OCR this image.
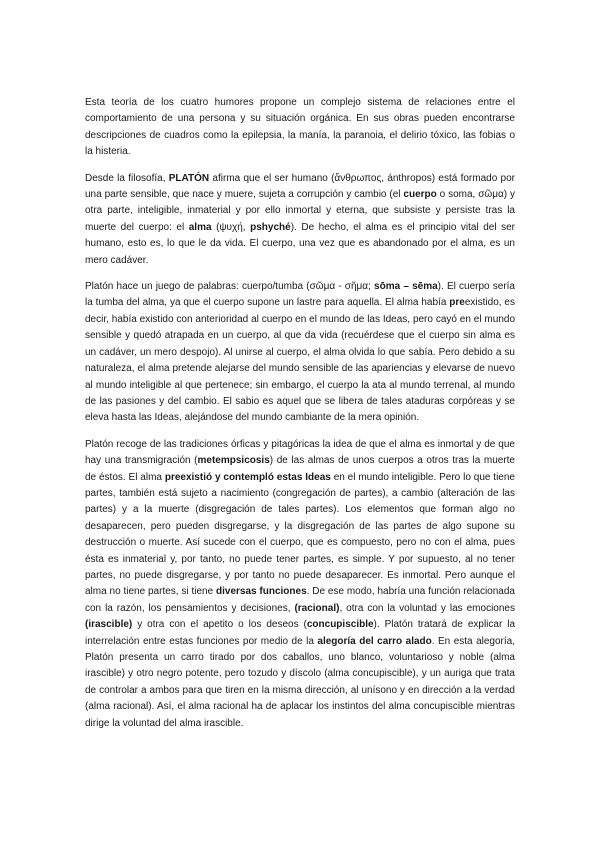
Esta teoría de los cuatro humores propone un complejo sistema de relaciones entre el comportamiento de una persona y su situación orgánica. En sus obras pueden encontrarse descripciones de cuadros como la epilepsia, la manía, la paranoia, el delirio tóxico, las fobias o la histeria.

Desde la filosofía, PLATÓN afirma que el ser humano (ἄνθρωπος, ánthropos) está formado por una parte sensible, que nace y muere, sujeta a corrupción y cambio (el cuerpo o soma, σῶμα) y otra parte, inteligible, inmaterial y por ello inmortal y eterna, que subsiste y persiste tras la muerte del cuerpo: el alma (ψυχή, pshyché). De hecho, el alma es el principio vital del ser humano, esto es, lo que le da vida. El cuerpo, una vez que es abandonado por el alma, es un mero cadáver.

Platón hace un juego de palabras: cuerpo/tumba (σῶμα - σῆμα; sōma – sēma). El cuerpo sería la tumba del alma, ya que el cuerpo supone un lastre para aquella. El alma había preexistido, es decir, había existido con anterioridad al cuerpo en el mundo de las Ideas, pero cayó en el mundo sensible y quedó atrapada en un cuerpo, al que da vida (recuérdese que el cuerpo sin alma es un cadáver, un mero despojo). Al unirse al cuerpo, el alma olvida lo que sabía. Pero debido a su naturaleza, el alma pretende alejarse del mundo sensible de las apariencias y elevarse de nuevo al mundo inteligible al que pertenece; sin embargo, el cuerpo la ata al mundo terrenal, al mundo de las pasiones y del cambio. El sabio es aquel que se libera de tales ataduras corpóreas y se eleva hasta las Ideas, alejándose del mundo cambiante de la mera opinión.

Platón recoge de las tradiciones órficas y pitagóricas la idea de que el alma es inmortal y de que hay una transmigración (metempsicosis) de las almas de unos cuerpos a otros tras la muerte de éstos. El alma preexistió y contempló estas Ideas en el mundo inteligible. Pero lo que tiene partes, también está sujeto a nacimiento (congregación de partes), a cambio (alteración de las partes) y a la muerte (disgregación de tales partes). Los elementos que forman algo no desaparecen, pero pueden disgregarse, y la disgregación de las partes de algo supone su destrucción o muerte. Así sucede con el cuerpo, que es compuesto, pero no con el alma, pues ésta es inmaterial y, por tanto, no puede tener partes, es simple. Y por supuesto, al no tener partes, no puede disgregarse, y por tanto no puede desaparecer. Es inmortal. Pero aunque el alma no tiene partes, si tiene diversas funciones. De ese modo, habría una función relacionada con la razón, los pensamientos y decisiones, (racional), otra con la voluntad y las emociones (irascible) y otra con el apetito o los deseos (concupiscible). Platón tratará de explicar la interrelación entre estas funciones por medio de la alegoría del carro alado. En esta alegoría, Platón presenta un carro tirado por dos caballos, uno blanco, voluntarioso y noble (alma irascible) y otro negro potente, pero tozudo y díscolo (alma concupiscible), y un auriga que trata de controlar a ambos para que tiren en la misma dirección, al unísono y en dirección a la verdad (alma racional). Así, el alma racional ha de aplacar los instintos del alma concupiscible mientras dirige la voluntad del alma irascible.
